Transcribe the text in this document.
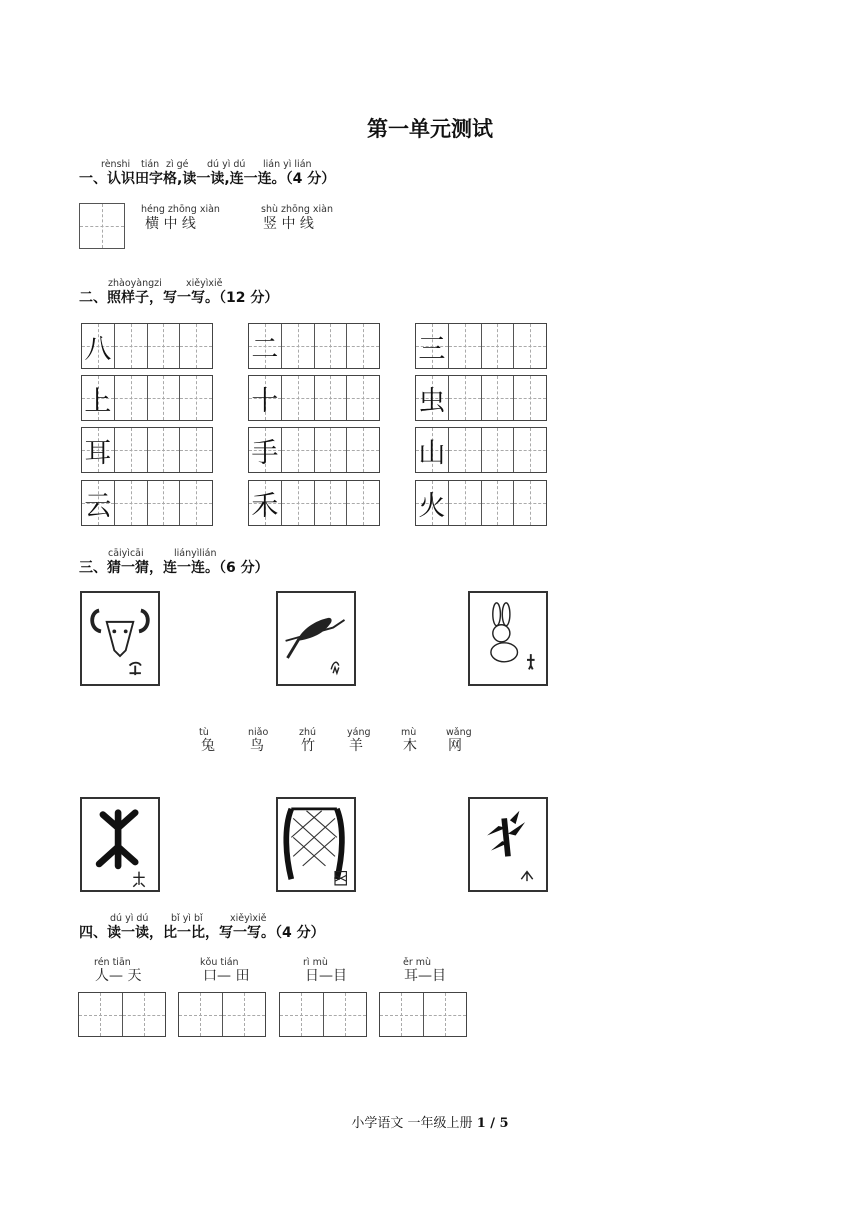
第一单元测试
rènshi tián zì gé dú yì dú lián yì lián
一、认识田字格,读一读,连一连。（4 分）
héng zhōng xiàn
横 中 线
shù zhōng xiàn
竖 中 线
zhàoyàngzi	xiěyìxiě
二、照样子，写一写。（12 分）
八	二	三
上	十	虫
耳	手	山
云	禾	火
cāiyìcāi	liányìlián
三、猜一猜，连一连。（6 分）
tù
兔
niǎo
鸟
zhú
竹
yáng
羊
mù
木
wǎng
网
dú yì dú bǐ yì bǐ	xiěyìxiě
四、读一读，比一比，写一写。（4 分）
rén tiān
人— 天
kǒu tián
口— 田
rì mù
日—目
ěr mù
耳—目
小学语文 一年级上册 1 / 5
